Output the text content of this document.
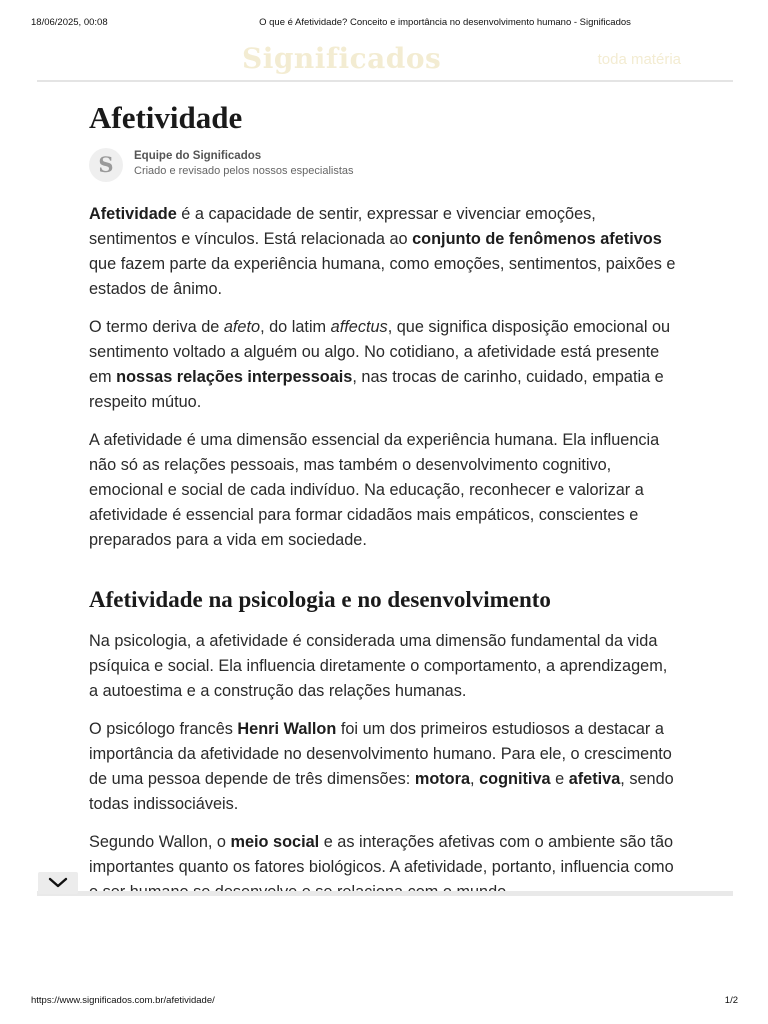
18/06/2025, 00:08	O que é Afetividade? Conceito e importância no desenvolvimento humano - Significados
Significados	toda matéria
Afetividade
S	Equipe do Significados
Criado e revisado pelos nossos especialistas

Afetividade é a capacidade de sentir, expressar e vivenciar emoções, sentimentos e vínculos. Está relacionada ao conjunto de fenômenos afetivos que fazem parte da experiência humana, como emoções, sentimentos, paixões e estados de ânimo.

O termo deriva de afeto, do latim affectus, que significa disposição emocional ou sentimento voltado a alguém ou algo. No cotidiano, a afetividade está presente em nossas relações interpessoais, nas trocas de carinho, cuidado, empatia e respeito mútuo.

A afetividade é uma dimensão essencial da experiência humana. Ela influencia não só as relações pessoais, mas também o desenvolvimento cognitivo, emocional e social de cada indivíduo. Na educação, reconhecer e valorizar a afetividade é essencial para formar cidadãos mais empáticos, conscientes e preparados para a vida em sociedade.

Afetividade na psicologia e no desenvolvimento

Na psicologia, a afetividade é considerada uma dimensão fundamental da vida psíquica e social. Ela influencia diretamente o comportamento, a aprendizagem, a autoestima e a construção das relações humanas.

O psicólogo francês Henri Wallon foi um dos primeiros estudiosos a destacar a importância da afetividade no desenvolvimento humano. Para ele, o crescimento de uma pessoa depende de três dimensões: motora, cognitiva e afetiva, sendo todas indissociáveis.

Segundo Wallon, o meio social e as interações afetivas com o ambiente são tão importantes quanto os fatores biológicos. A afetividade, portanto, influencia como

https://www.significados.com.br/afetividade/	1/2
